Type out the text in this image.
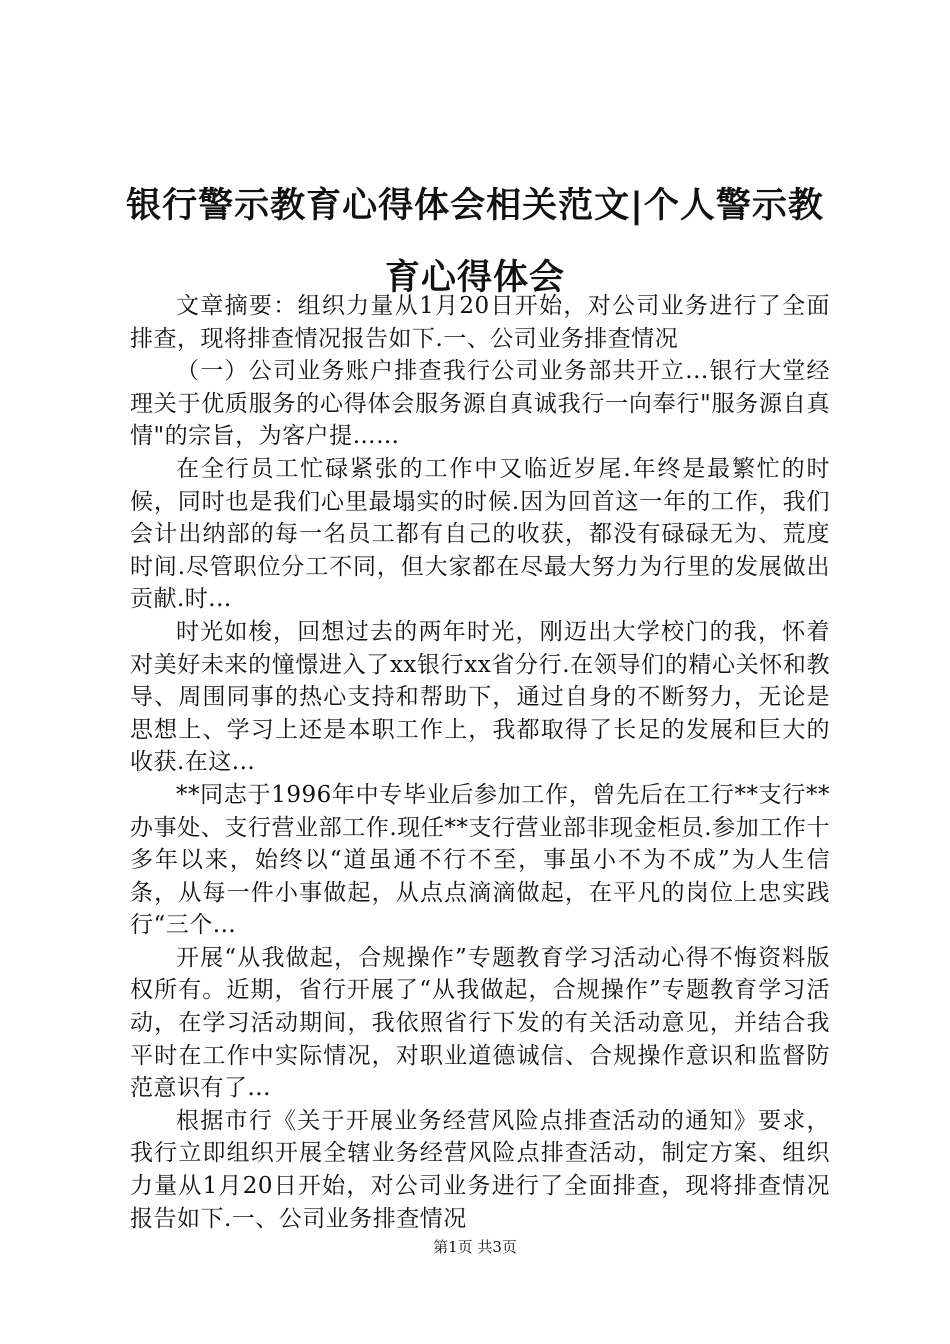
银行警示教育心得体会相关范文|个人警示教育心得体会

文章摘要：组织力量从1月20日开始，对公司业务进行了全面排查，现将排查情况报告如下.一、公司业务排查情况

（一）公司业务账户排查我行公司业务部共开立...银行大堂经理关于优质服务的心得体会服务源自真诚我行一向奉行"服务源自真情"的宗旨，为客户提……

在全行员工忙碌紧张的工作中又临近岁尾.年终是最繁忙的时候，同时也是我们心里最塌实的时候.因为回首这一年的工作，我们会计出纳部的每一名员工都有自己的收获，都没有碌碌无为、荒度时间.尽管职位分工不同，但大家都在尽最大努力为行里的发展做出贡献.时...

时光如梭，回想过去的两年时光，刚迈出大学校门的我，怀着对美好未来的憧憬进入了xx银行xx省分行.在领导们的精心关怀和教导、周围同事的热心支持和帮助下，通过自身的不断努力，无论是思想上、学习上还是本职工作上，我都取得了长足的发展和巨大的收获.在这...

**同志于1996年中专毕业后参加工作，曾先后在工行**支行**办事处、支行营业部工作.现任**支行营业部非现金柜员.参加工作十多年以来，始终以“道虽通不行不至，事虽小不为不成”为人生信条，从每一件小事做起，从点点滴滴做起，在平凡的岗位上忠实践行“三个...

开展“从我做起，合规操作”专题教育学习活动心得不悔资料版权所有。近期，省行开展了“从我做起，合规操作”专题教育学习活动，在学习活动期间，我依照省行下发的有关活动意见，并结合我平时在工作中实际情况，对职业道德诚信、合规操作意识和监督防范意识有了...

根据市行《关于开展业务经营风险点排查活动的通知》要求，我行立即组织开展全辖业务经营风险点排查活动，制定方案、组织力量从1月20日开始，对公司业务进行了全面排查，现将排查情况报告如下.一、公司业务排查情况

第1页 共3页
